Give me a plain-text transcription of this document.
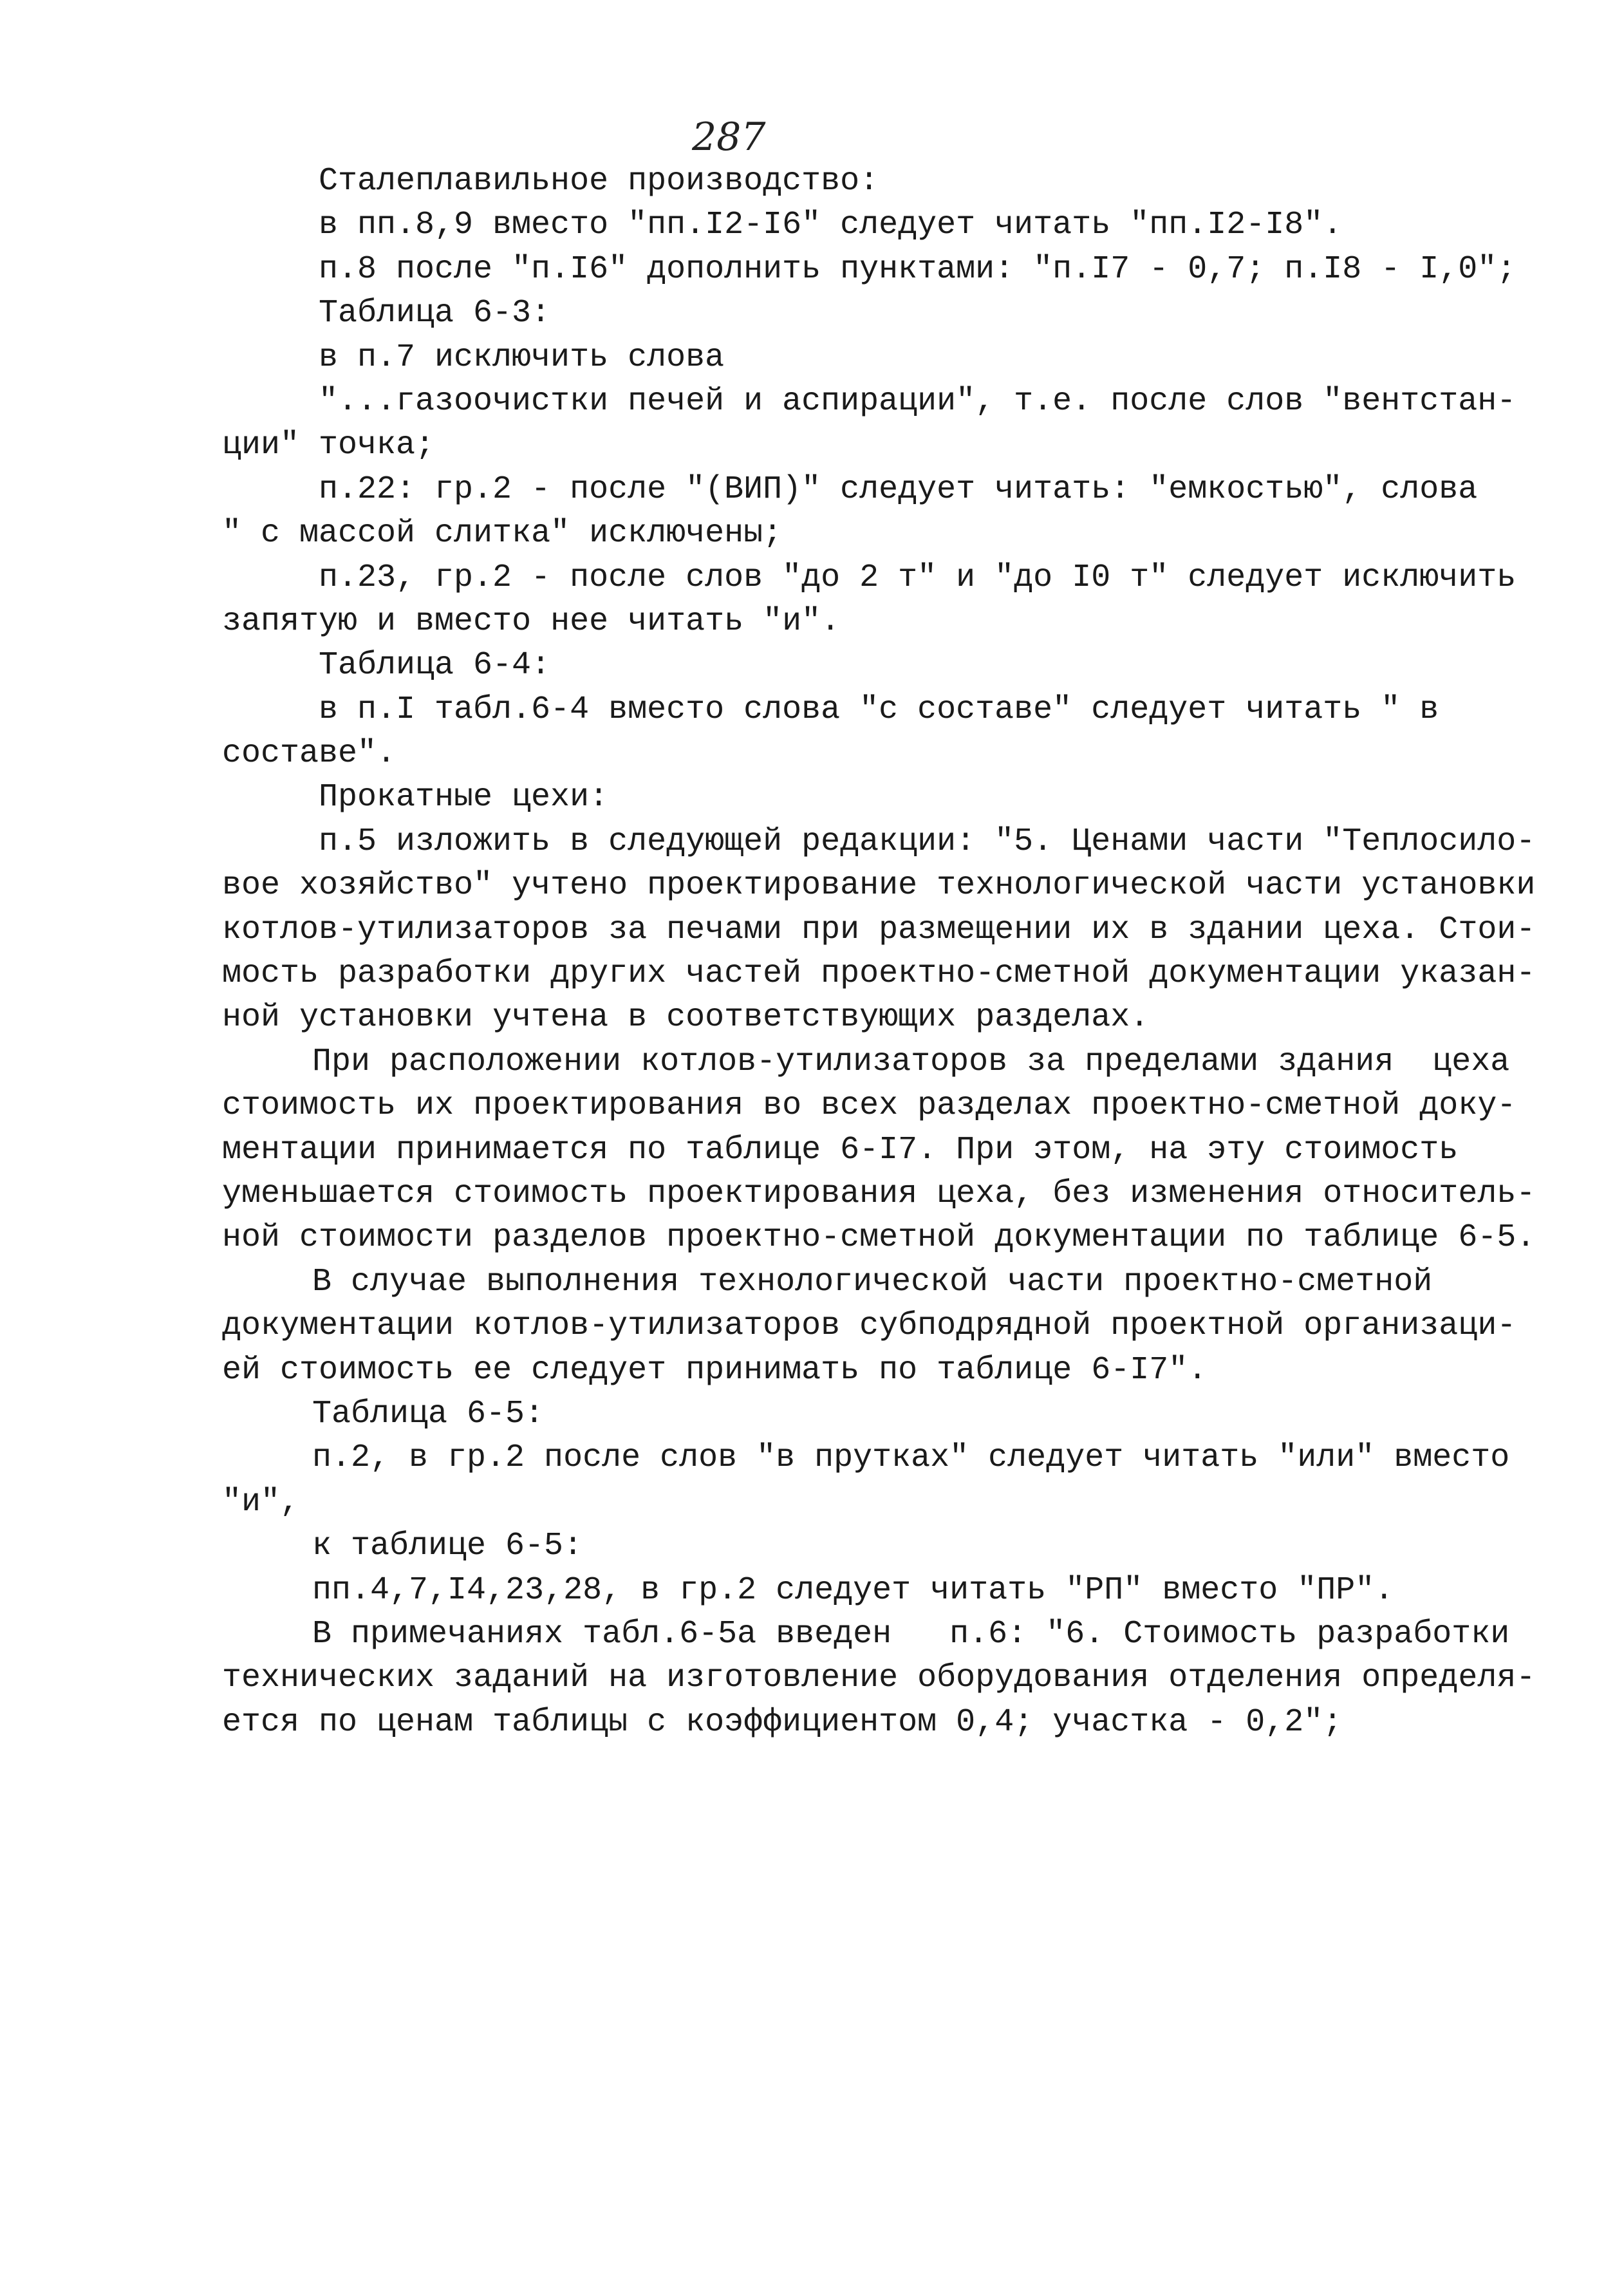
287
Сталеплавильное производство:
в пп.8,9 вместо "пп.I2-I6" следует читать "пп.I2-I8".
п.8 после "п.I6" дополнить пунктами: "п.I7 - 0,7; п.I8 - I,0";
Таблица 6-3:
в п.7 исключить слова
"...газоочистки печей и аспирации", т.е. после слов "вентстан-
ции" точка;
п.22: гр.2 - после "(ВИП)" следует читать: "емкостью", слова
" с массой слитка" исключены;
п.23, гр.2 - после слов "до 2 т" и "до I0 т" следует исключить
запятую и вместо нее читать "и".
Таблица 6-4:
в п.I табл.6-4 вместо слова "с составе" следует читать " в
составе".
Прокатные цехи:
п.5 изложить в следующей редакции: "5. Ценами части "Теплосило-
вое хозяйство" учтено проектирование технологической части установки
котлов-утилизаторов за печами при размещении их в здании цеха. Стои-
мость разработки других частей проектно-сметной документации указан-
ной установки учтена в соответствующих разделах.
При расположении котлов-утилизаторов за пределами здания  цеха
стоимость их проектирования во всех разделах проектно-сметной доку-
ментации принимается по таблице 6-I7. При этом, на эту стоимость
уменьшается стоимость проектирования цеха, без изменения относитель-
ной стоимости разделов проектно-сметной документации по таблице 6-5.
В случае выполнения технологической части проектно-сметной
документации котлов-утилизаторов субподрядной проектной организаци-
ей стоимость ее следует принимать по таблице 6-I7".
Таблица 6-5:
п.2, в гр.2 после слов "в прутках" следует читать "или" вместо
"и",
к таблице 6-5:
пп.4,7,I4,23,28, в гр.2 следует читать "РП" вместо "ПР".
В примечаниях табл.6-5а введен   п.6: "6. Стоимость разработки
технических заданий на изготовление оборудования отделения определя-
ется по ценам таблицы с коэффициентом 0,4; участка - 0,2";
